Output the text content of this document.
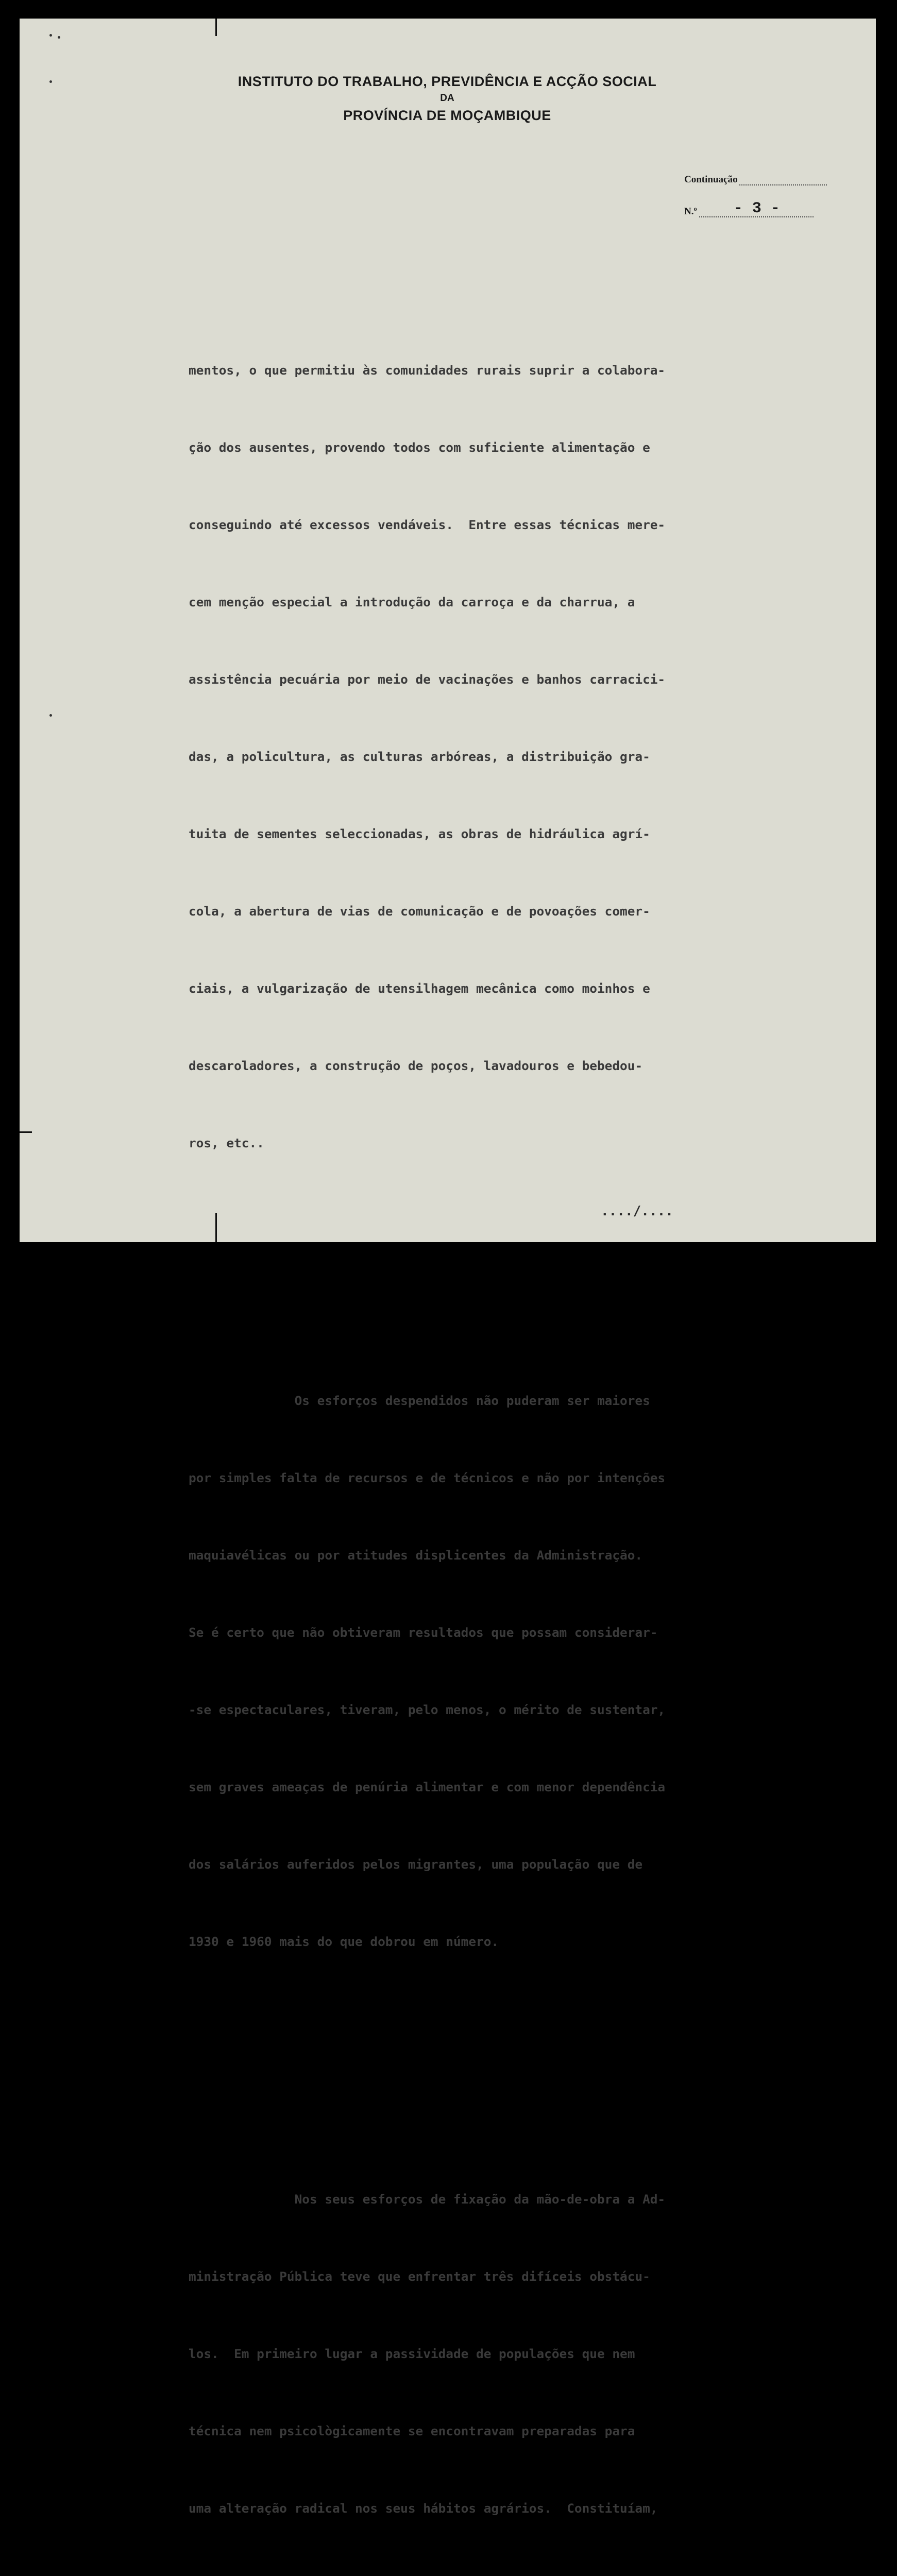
INSTITUTO DO TRABALHO, PREVIDÊNCIA E ACÇÃO SOCIAL
DA
PROVÍNCIA DE MOÇAMBIQUE
Continuação
N.º	- 3 -

mentos, o que permitiu às comunidades rurais suprir a colabora-

ção dos ausentes, provendo todos com suficiente alimentação e

conseguindo até excessos vendáveis.  Entre essas técnicas mere-

cem menção especial a introdução da carroça e da charrua, a

assistência pecuária por meio de vacinações e banhos carracici-

das, a policultura, as culturas arbóreas, a distribuição gra-

tuita de sementes seleccionadas, as obras de hidráulica agrí-

cola, a abertura de vias de comunicação e de povoações comer-

ciais, a vulgarização de utensilhagem mecânica como moinhos e

descaroladores, a construção de poços, lavadouros e bebedou-

ros, etc..

Os esforços despendidos não puderam ser maiores

por simples falta de recursos e de técnicos e não por intenções

maquiavélicas ou por atitudes displicentes da Administração.

Se é certo que não obtiveram resultados que possam considerar-

-se espectaculares, tiveram, pelo menos, o mérito de sustentar,

sem graves ameaças de penúria alimentar e com menor dependência

dos salários auferidos pelos migrantes, uma população que de

1930 e 1960 mais do que dobrou em número.

Nos seus esforços de fixação da mão-de-obra a Ad-

ministração Pública teve que enfrentar três difíceis obstácu-

los.  Em primeiro lugar a passividade de populações que nem

técnica nem psicològicamente se encontravam preparadas para

uma alteração radical nos seus hábitos agrários.  Constituíam,

..../....
